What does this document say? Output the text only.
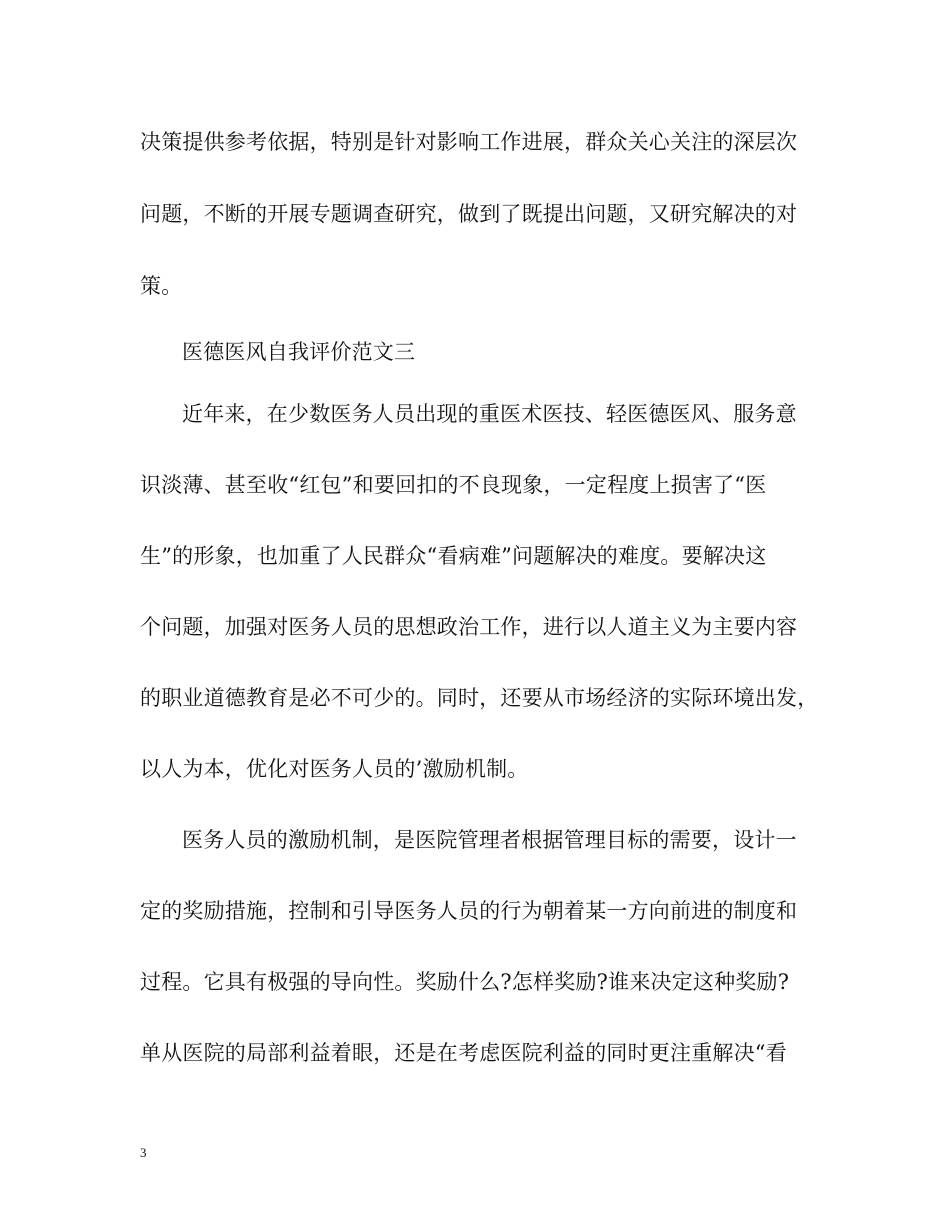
决策提供参考依据，特别是针对影响工作进展，群众关心关注的深层次
问题，不断的开展专题调查研究，做到了既提出问题，又研究解决的对
策。
医德医风自我评价范文三
近年来，在少数医务人员出现的重医术医技、轻医德医风、服务意
识淡薄、甚至收“红包”和要回扣的不良现象，一定程度上损害了“医
生”的形象，也加重了人民群众“看病难”问题解决的难度。要解决这
个问题，加强对医务人员的思想政治工作，进行以人道主义为主要内容
的职业道德教育是必不可少的。同时，还要从市场经济的实际环境出发，
以人为本，优化对医务人员的’激励机制。
医务人员的激励机制，是医院管理者根据管理目标的需要，设计一
定的奖励措施，控制和引导医务人员的行为朝着某一方向前进的制度和
过程。它具有极强的导向性。奖励什么?怎样奖励?谁来决定这种奖励?
单从医院的局部利益着眼，还是在考虑医院利益的同时更注重解决“看
3
